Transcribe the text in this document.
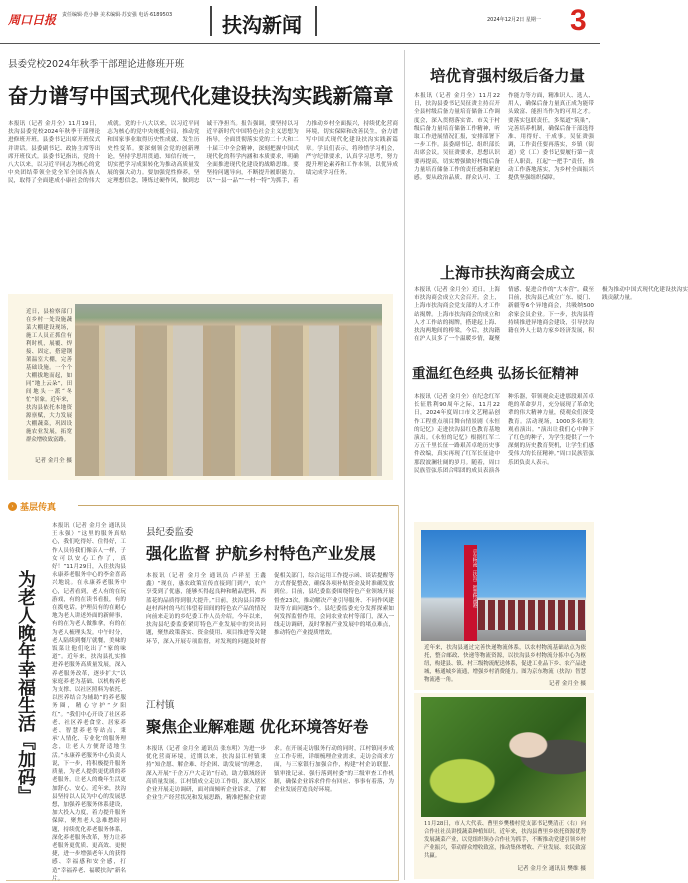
周口日报 责任编辑·范小静 美术编辑·苏安强 电话·6189503	扶沟新闻	2024年12月2日 星期一 3
县委党校2024年秋季干部理论进修班开班
奋力谱写中国式现代化建设扶沟实践新篇章
本报讯（记者 金月全）11月19日，扶沟县委党校2024年秋季干部理论进修班开班。县委书记出席开班仪式并讲话。县委副书记、政协主席等出席开班仪式。县委书记指出，党的十八大以来，以习近平同志为核心的党中央团结带领全党全军全国各族人民，取得了全面建成小康社会的伟大成就。党的十八大以来，以习近平同志为核心的党中央统揽全局，推动党和国家事业取得历史性成就、发生历史性变革。要深刻领会党的创新理论，坚持学思用贯通、知信行统一，切实把学习成果转化为推动高质量发展的强大动力。要加强党性修养，坚定理想信念，锤炼过硬作风，做到忠诚干净担当。报告强调，要坚持以习近平新时代中国特色社会主义思想为指导，全面贯彻落实党的二十大和二十届三中全会精神，深刻把握中国式现代化的科学内涵和本质要求，明确全面推进现代化建设的战略思维。要坚持问题导向，不断提升履职能力，以“一县一品”“一村一特”为抓手，着力推动乡村全面振兴，持续优化营商环境，切实保障和改善民生，奋力谱写中国式现代化建设扶沟实践新篇章。学员们表示，将珍惜学习机会，严守纪律要求，认真学习思考，努力提升理论素养和工作本领，以优异成绩完成学习任务。
近日，县检察部门在乡村一处设施蔬菜大棚建设现场，施工人员正抓住有利时机，展覆、焊接、固定，搭建钢架温室大棚，完善基础设施。一个个大棚拔地而起，如同“地上云朵”，田间地头一派“冬忙”景象。近年来，扶沟县依托本地资源禀赋，大力发展大棚蔬菜，巩固设施农业发展，拓宽群众增收致富路。
记者 金月全 摄
培优育强村级后备力量
本报讯（记者 金月全）11月22日，扶沟县委书记吴征赉主持召开全县村级后备力量培育储备工作调度会，深入贯彻落实省、市关于村级后备力量培育储备工作精神，听取工作进展情况汇报，安排部署下一步工作。县委副书记、组织部长出席会议。吴征赉要求，思想认识要再提高，切实增强做好村级后备力量培育储备工作的责任感和紧迫感。要从政治品质、群众认可、工作能力等方面，精准识人、选人、用人，确保后备力量真正成为能带头致富、能担当作为的可用之才。要落实包联责任，多渠道“筑巢”，完善培养机制，确保后备干部选得准、用得好、干成事。吴征赉强调，工作责任要再落实，乡镇（街道）党（工）委书记要履行第一责任人职责，扛起“一把手”责任，推动工作落地落实，为乡村全面振兴提供坚强组织保障。
上海市扶沟商会成立
本报讯（记者 金月全）近日，上海市扶沟商会成立大会召开。会上，上海市扶沟商会党支部的人才工作站揭牌。上海市扶沟商会的成立和人才工作站的揭牌，搭建起上海、扶沟两地间的桥梁，今后，扶沟籍在沪人员多了一个温暖乡情，凝聚情感、促进合作的“大本营”。截至目前，扶沟县已成立广东、厦门、新疆等6个异地商会，共吸纳500余家会员企业。下一步，扶沟县将持续推进异地商会建设，引导扶沟籍在外人士助力家乡经济发展，积极为推动中国式现代化建设扶沟实践贡献力量。
重温红色经典 弘扬长征精神
本报讯（记者 金月全）在纪念红军长征胜利90周年之际，11月22日，2024年度周口市文艺精品创作工程重点项目舞台情景剧《永恒的记忆》走进扶沟县红色教育基地演出。《永恒的记忆》根据红军二万五千里长征一路艰苦卓绝历史事件改编，真实再现了红军长征途中那段波澜壮阔的岁月。随着，周口民族管弦乐团合唱团的成员表演各种乐器，带领观众走进那段艰苦卓绝的革命岁月，充分展现了革命先辈的伟大精神力量，使观众们深受教育。活动现场，1000多名师生观看演出。“演出让我们心中种下了红色的种子，为学生提供了一个深刻的历史教育契机，让学生们感受伟大的长征精神。”周口民族管弦乐团负责人表示。
京东物流（扶沟）智慧物流港
近年来，扶沟县通过完善快递物流体系，以农村物流基础站点为依托，整合邮政、快递等物流资源，以扶沟县乡村物流分拣中心为枢纽，构建县、镇、村三级物流配送体系，促进工业品下乡、农产品进城，畅通城乡流通，增强乡村消费能力。图为京东物流（扶沟）智慧物流港一角。
记者 金月全 摄
11月28日，市人大代表、曹里乡樊楼村党支部书记樊清正（右）向合作社社员讲授蔬菜种植知识。近年来，扶沟县曹里乡依托资源优势发展蔬菜产业，以党组织领办合作社为抓手，不断推动党建引领乡村产业振兴，带动群众增收致富，推动集体增收、产业发展、农民致富共赢。
记者 金月全 通讯员 樊维 摄
› 基层传真
为老人晚年幸福生活『加码』
本报讯（记者 金月全 通讯员 王永强）“这里的服务真贴心，我们吃得好、住得好，工作人员待我们像亲人一样，子女可以安心工作了，真好！”11月29日，入住扶沟县永康养老服务中心的李金喜高兴地说。在永康养老服务中心，记者看到，老人有的在玩游戏，有的在读书看报，有的在拨电话。护理员有的在耐心地为老人讲述外面的新鲜事，有的在为老人做推拿，有的在为老人梳理头发。中午时分，老人陆续到餐厅就餐，美味的饭菜让他们吃出了“家的味道”。近年来，扶沟县扎实推进养老服务高质量发展，深入养老服务改革，逐步扩大“以家庭养老为基础、以机构养老为支撑、以社区照料为依托、以医养结合为辅助”的养老服务圈，精心守护“夕阳红”。“我们中心开设了社区养老、社区养老食堂、居家养老、智慧养老等站点，秉承‘人情化、专业化’的服务理念，让老人方便舒适地生活。”永康养老服务中心负责人说，下一步，将积极提升服务质量，为老人提供更优质的养老服务，让老人的晚年生活更加舒心、安心。近年来，扶沟县坚持以人民为中心的发展思想，加强养老服务体系建设，加大投入力度，着力提升服务保障，聚焦老人急难愁盼问题，持续优化养老服务体系，深化养老服务改革，努力让养老服务更优质、更高效、更便捷，进一步增强老年人的获得感、幸福感和安全感，打造“幸福养老、福暖扶沟”新名片。
县纪委监委
强化监督 护航乡村特色产业发展
本报讯（记者 金月全 通讯员 卢祥星 王鑫鑫）“现在，惠农政策宣传直接到门到户，农户享受到了优惠，能够买得起良种和精品肥料，西蓝花的品质得到很大提升。”日前，扶沟县吕潭乡赵村西村的马红伟望着田间的特色农产品的情况向前来走访的乡纪委工作人员介绍。今年以来，扶沟县纪委监委紧盯特色产业发展中的突出问题，聚焦政策落实、资金使用、项目推进等关键环节，深入开展专项监督，对发现的问题及时督促相关部门，综合运用工作提示函、谈话提醒等方式督促整改，确保各项补贴资金及时准确发放到位。目前，县纪委监委围绕特色产业领域开展督查23次，推动解决产业引导服务、不同作风建设等方面问题5个。县纪委监委充分发挥探索如何发挥监督作用，会同农业农村等部门，深入一线走访调研，及时掌握产业发展中的堵点难点，推动特色产业提质增效。
江村镇
聚焦企业解难题 优化环境答好卷
本报讯（记者 金月全 通讯员 张东明）为进一步优化营商环境，近期以来，扶沟县江村镇秉持“知企愿、解企难、纾企困、助发展”的理念，深入开展“千企万户大走访”行动，助力镇域经济高质量发展。江村镇成立走访工作组，深入辖区企业开展走访调研，面对面倾听企业诉求，了解企业生产经营状况和发展思路，精准把握企业需求。在开展走访服务行动的同时，江村镇同步成立工作专班，详细梳理企业需求，走访会商求方面，与三家银行加强合作，构建“村企访联盟、镇审批记录、强行落到村委”的三级审查工作机制，确保企业诉求件件有回应、事事有着落，为企业发展营造良好环境。
